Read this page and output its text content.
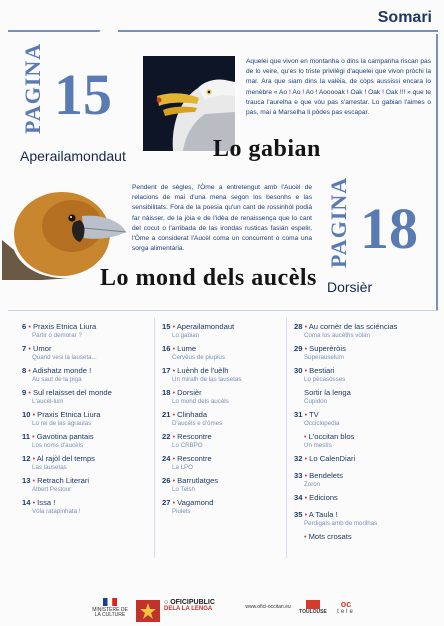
Somari
PAGINA 15
Aperailamondaut	Lo gabian

Aquelei que vivon en montanha o dins la campanha riscan pas de lo veire, qu'es lo triste privilègi d'aquelei que vivon pròchi la mar. Ara que siam dins la valèia, de còps aussissi encara lo menèbre « Ao ! Ao ! Ao ! Aooooak ! Oak ! Oak ! Oak !!! » que te trauca l'aurelha e que vòu pas s'arrestar. Lo gabian l'aimes o pas, mai a Marselha li pòdes pas escapar.

Pendent de sègles, l'Òme a entretengut amb l'Aucèl de relacions de mai d'una mena segon los besonhs e las sensibilitats. Fòra de la poesia qu'un cant de rossinhòl podiá far nàisser, de la jòia e de l'idèa de renaissença que lo cant del cocut o l'arribada de las irondas rusticas fasián espelir, l'Òme a considerat l'Aucèl coma un concurrent o coma una sorga alimentària.

Lo mond dels aucèls
PAGINA 18
Dorsièr
6 • Praxis Etnica Liura
Partir o demorar ?
7 • Umor
Quand vesi la lauseta...
8 • Adishatz monde !
Au saut de la piga
9 • Sul relaisset del monde
L'aucèl-lum
10 • Praxis Etnica Liura
Lo rei de las agraulas
11 • Gavotina pantais
Los noms d'aucèls
12 • Al rajòl del temps
Las lausetas
13 • Retrach Literari
Albert Pestour
14 • Issa !
Vòla ratapinhata !
15 • Aperailamondaut
Lo gabian
16 • Lume
Cervèus de piupius
17 • Luènh de l'uèlh
Un miralh de las lausetas
18 • Dorsièr
Lo mond dels aucèls
21 • Clinhada
D'aucèls e d'òmes
22 • Rescontre
Lo CRBPO
24 • Rescontre
La LPO
26 • Barrutlatges
Lo Telsh
27 • Vagamond
Piulets
28 • Au cornèr de las sciéncias
Coma los aucèths vòlan
29 • Superèròis
Superauselum
30 • Bestiari
Lo pècasòsses
Sortir la lenga
Cupidon
31 • TV
Occiclopedia
• L'occitan blos
Un mestís
32 • Lo CalenDiari
33 • Bendelets
Zoron
34 • Edicions
35 • A Taula !
Perdigals amb de morilhas
• Mots crosats
MINISTÈRE DE LA CULTURE
○ OFICIPUBLIC
DELA LA LENGA	www.ofici-occitan.eu
TOULOUSE
oc
tele
